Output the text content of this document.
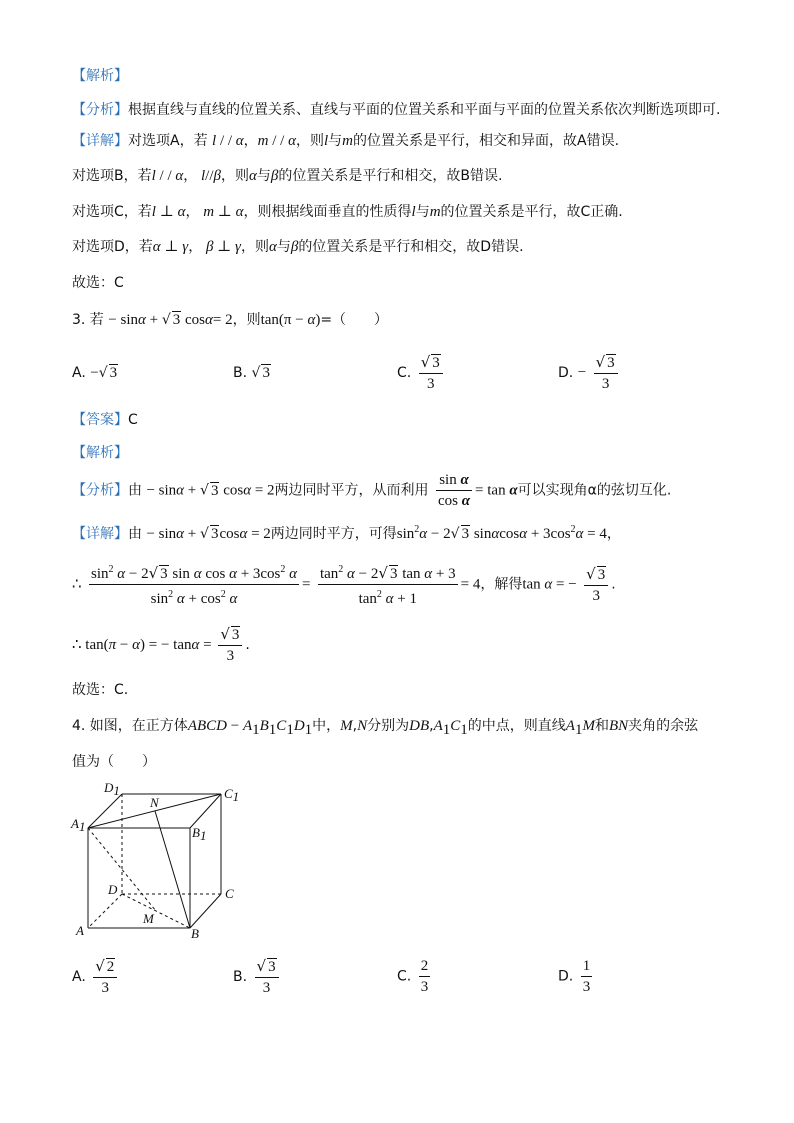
【解析】
【分析】根据直线与直线的位置关系、直线与平面的位置关系和平面与平面的位置关系依次判断选项即可.
【详解】对选项A，若 l / / α，m / / α，则l与m的位置关系是平行，相交和异面，故A错误.
对选项B，若l / / α， l//β，则α与β的位置关系是平行和相交，故B错误.
对选项C，若l ⊥ α， m ⊥ α，则根据线面垂直的性质得l与m的位置关系是平行，故C正确.
对选项D，若α ⊥ γ， β ⊥ γ，则α与β的位置关系是平行和相交，故D错误.
故选：C
3. 若 − sinα + √ 3 cosα= 2，则tan(π − α)=（　　）
A. −√ 3	B. √ 3	C. $\frac{√ 3}{3}$	D. − $\frac{√ 3}{3}$
【答案】C
【解析】
【分析】由 − sinα + √ 3 cosα = 2两边同时平方，从而利用 $\frac{\text{sin α}}{\text{cos α}} = \tan \alpha$可以实现角α的弦切互化.
【详解】由 − sinα + √ 3cosα = 2两边同时平方，可得$\sin^2\alpha - 2√$ 3 $\sin\alpha\cos\alpha + 3\cos^2\alpha = 4$，
∴ $\frac{\sin^2 \alpha - 2√ 3 \sin \alpha \cos \alpha + 3\cos^2 \alpha}{\sin^2 \alpha + \cos^2 \alpha} = \frac{\tan^2 \alpha - 2√ 3 \tan \alpha + 3}{\tan^2 \alpha + 1} = 4$，解得tan α = − $\frac{√ 3}{3}$ .
∴ tan(π − α) = − $\tan\alpha = \frac{√ 3}{3}$ .
故选：C.
4. 如图，在正方体ABCD − $A_1B_1C_1D_1$中，M,N分别为$DB,A_1C_1$的中点，则直线$A_1M$和BN夹角的余弦
值为（　　）
D1	C1
A1	B1
N
D	C
A	B
M
A. $\frac{√ 2}{3}$	B. $\frac{√ 3}{3}$	C. $\frac{2}{3}$	D. $\frac{1}{3}$
